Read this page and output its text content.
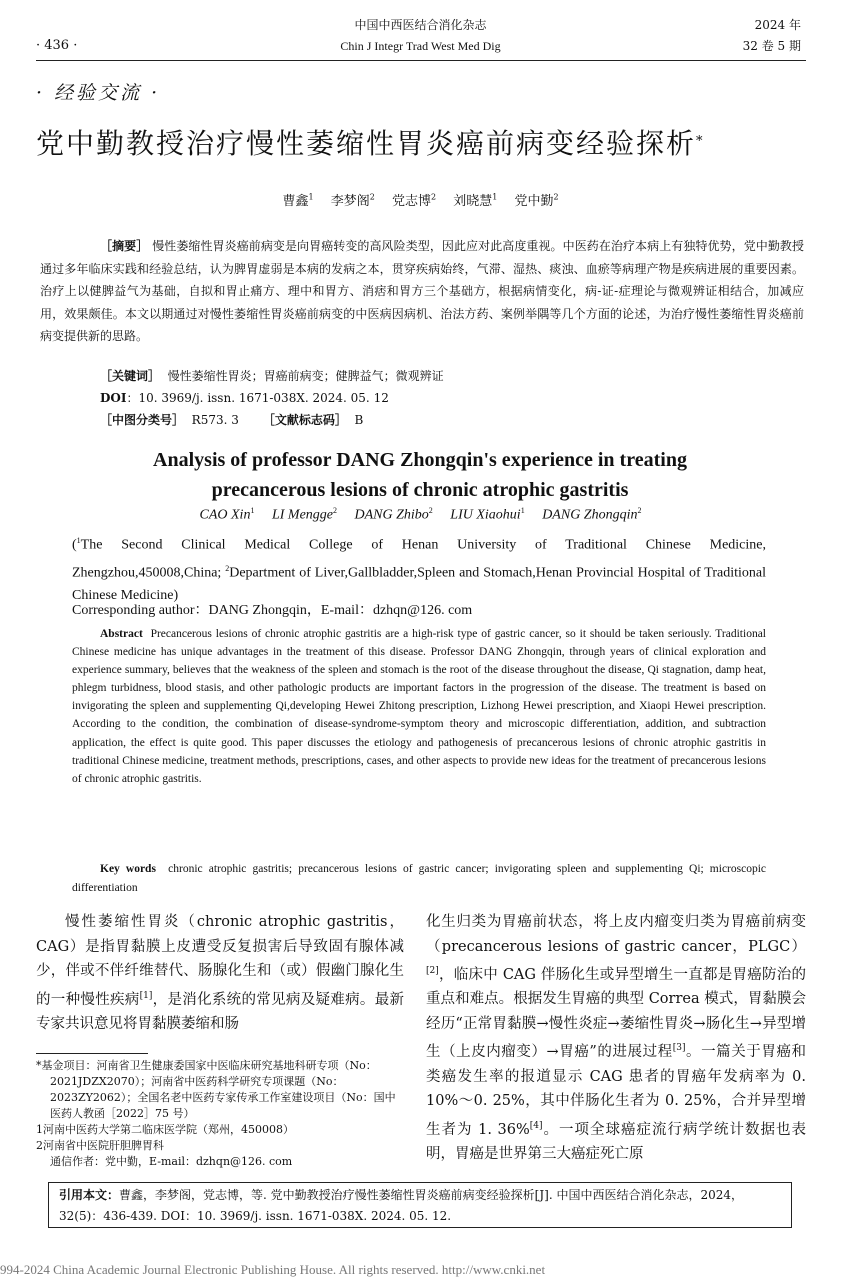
· 436 ·
中国中西医结合消化杂志
Chin J Integr Trad West Med Dig
2024 年
32 卷 5 期
· 经验交流 ·
党中勤教授治疗慢性萎缩性胃炎癌前病变经验探析*
曹鑫$^1$  李梦阁$^2$  党志博$^2$  刘晓慧$^1$  党中勤$^2$
［摘要］ 慢性萎缩性胃炎癌前病变是向胃癌转变的高风险类型，因此应对此高度重视。中医药在治疗本病上有独特优势，党中勤教授通过多年临床实践和经验总结，认为脾胃虚弱是本病的发病之本，贯穿疾病始终，气滞、湿热、痰浊、血瘀等病理产物是疾病进展的重要因素。治疗上以健脾益气为基础，自拟和胃止痛方、理中和胃方、消痞和胃方三个基础方，根据病情变化，病-证-症理论与微观辨证相结合，加减应用，效果颇佳。本文以期通过对慢性萎缩性胃炎癌前病变的中医病因病机、治法方药、案例举隅等几个方面的论述，为治疗慢性萎缩性胃炎癌前病变提供新的思路。
［关键词］ 慢性萎缩性胃炎；胃癌前病变；健脾益气；微观辨证
DOI：10. 3969/j. issn. 1671-038X. 2024. 05. 12
［中图分类号］ R573. 3   ［文献标志码］ B
Analysis of professor DANG Zhongqin's experience in treating
precancerous lesions of chronic atrophic gastritis
CAO Xin$^1$  LI Mengge$^2$  DANG Zhibo$^2$  LIU Xiaohui$^1$  DANG Zhongqin$^2$
($^1$The Second Clinical Medical College of Henan University of Traditional Chinese Medicine, Zhengzhou,450008,China; $^2$Department of Liver,Gallbladder,Spleen and Stomach,Henan Provincial Hospital of Traditional Chinese Medicine)
Corresponding author：DANG Zhongqin，E-mail：dzhqn@126. com
Abstract Precancerous lesions of chronic atrophic gastritis are a high-risk type of gastric cancer, so it should be taken seriously. Traditional Chinese medicine has unique advantages in the treatment of this disease. Professor DANG Zhongqin, through years of clinical exploration and experience summary, believes that the weakness of the spleen and stomach is the root of the disease throughout the disease, Qi stagnation, damp heat, phlegm turbidness, blood stasis, and other pathologic products are important factors in the progression of the disease. The treatment is based on invigorating the spleen and supplementing Qi,developing Hewei Zhitong prescription, Lizhong Hewei prescription, and Xiaopi Hewei prescription. According to the condition, the combination of disease-syndrome-symptom theory and microscopic differentiation, addition, and subtraction application, the effect is quite good. This paper discusses the etiology and pathogenesis of precancerous lesions of chronic atrophic gastritis in traditional Chinese medicine, treatment methods, prescriptions, cases, and other aspects to provide new ideas for the treatment of precancerous lesions of chronic atrophic gastritis.
Key words chronic atrophic gastritis; precancerous lesions of gastric cancer; invigorating spleen and supplementing Qi; microscopic differentiation
慢性萎缩性胃炎（chronic atrophic gastritis，CAG）是指胃黏膜上皮遭受反复损害后导致固有腺体减少，伴或不伴纤维替代、肠腺化生和（或）假幽门腺化生的一种慢性疾病[1]，是消化系统的常见病及疑难病。最新专家共识意见将胃黏膜萎缩和肠
*基金项目：河南省卫生健康委国家中医临床研究基地科研专项（No：2021JDZX2070）；河南省中医药科学研究专项课题（No：2023ZY2062）；全国名老中医药专家传承工作室建设项目（No：国中医药人教函［2022］75 号）
1河南中医药大学第二临床医学院（郑州，450008）
2河南省中医院肝胆脾胃科
通信作者：党中勤，E-mail：dzhqn@126. com
化生归类为胃癌前状态，将上皮内瘤变归类为胃癌前病变（precancerous lesions of gastric cancer，PLGC）[2]，临床中 CAG 伴肠化生或异型增生一直都是胃癌防治的重点和难点。根据发生胃癌的典型 Correa 模式，胃黏膜会经历“正常胃黏膜→慢性炎症→萎缩性胃炎→肠化生→异型增生（上皮内瘤变）→胃癌”的进展过程[3]。一篇关于胃癌和类癌发生率的报道显示 CAG 患者的胃癌年发病率为 0. 10%～0. 25%，其中伴肠化生者为 0. 25%，合并异型增生者为 1. 36%[4]。一项全球癌症流行病学统计数据也表明，胃癌是世界第三大癌症死亡原
引用本文：曹鑫，李梦阁，党志博，等. 党中勤教授治疗慢性萎缩性胃炎癌前病变经验探析[J]. 中国中西医结合消化杂志，2024，32(5)：436-439. DOI：10. 3969/j. issn. 1671-038X. 2024. 05. 12.
994-2024 China Academic Journal Electronic Publishing House. All rights reserved. http://www.cnki.net
